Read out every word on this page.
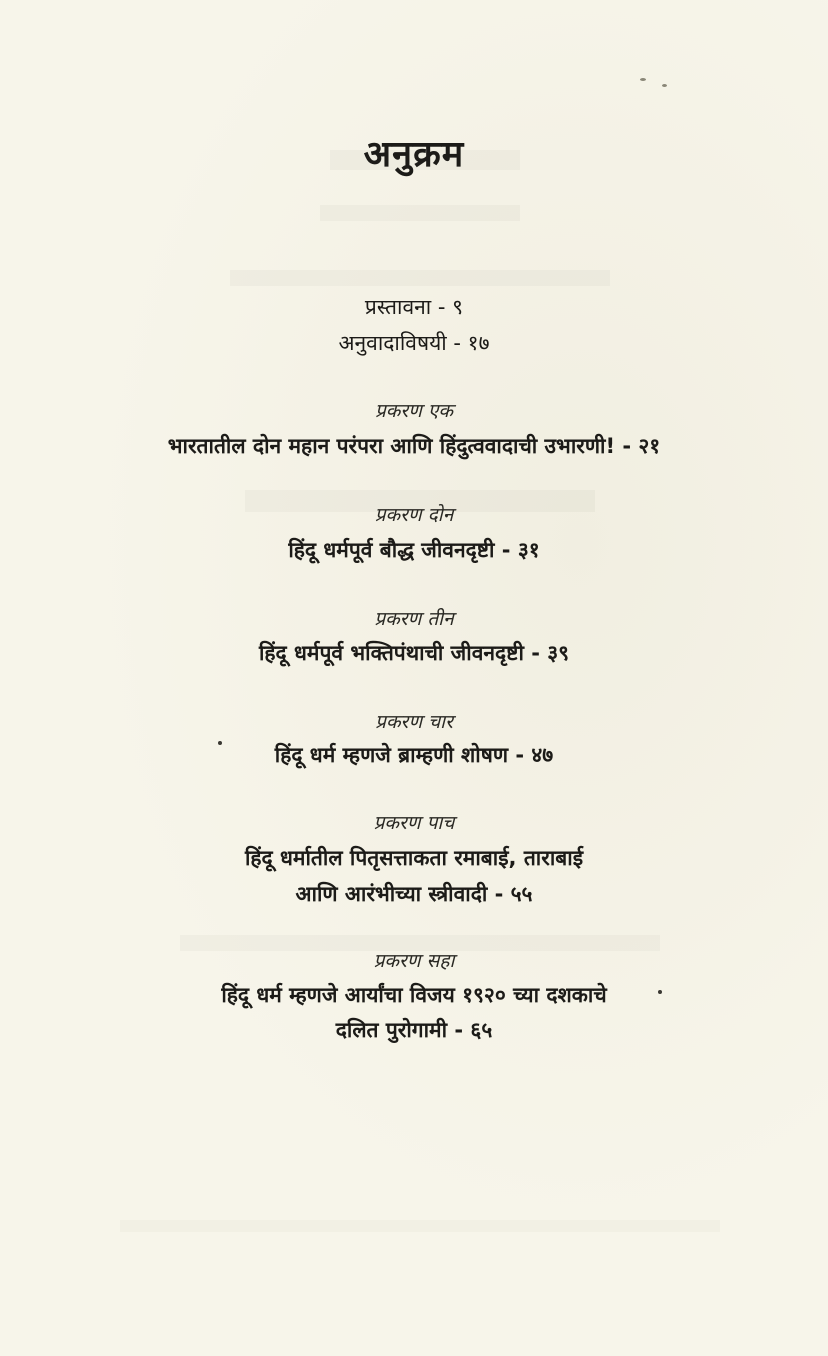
अनुक्रम
प्रस्तावना - ९
अनुवादाविषयी - १७
प्रकरण एक
भारतातील दोन महान परंपरा आणि हिंदुत्ववादाची उभारणी! - २१
प्रकरण दोन
हिंदू धर्मपूर्व बौद्ध जीवनदृष्टी - ३१
प्रकरण तीन
हिंदू धर्मपूर्व भक्तिपंथाची जीवनदृष्टी - ३९
प्रकरण चार
हिंदू धर्म म्हणजे ब्राम्हणी शोषण - ४७
प्रकरण पाच
हिंदू धर्मातील पितृसत्ताकता रमाबाई, ताराबाई
आणि आरंभीच्या स्त्रीवादी - ५५
प्रकरण सहा
हिंदू धर्म म्हणजे आर्यांचा विजय १९२० च्या दशकाचे
दलित पुरोगामी - ६५
